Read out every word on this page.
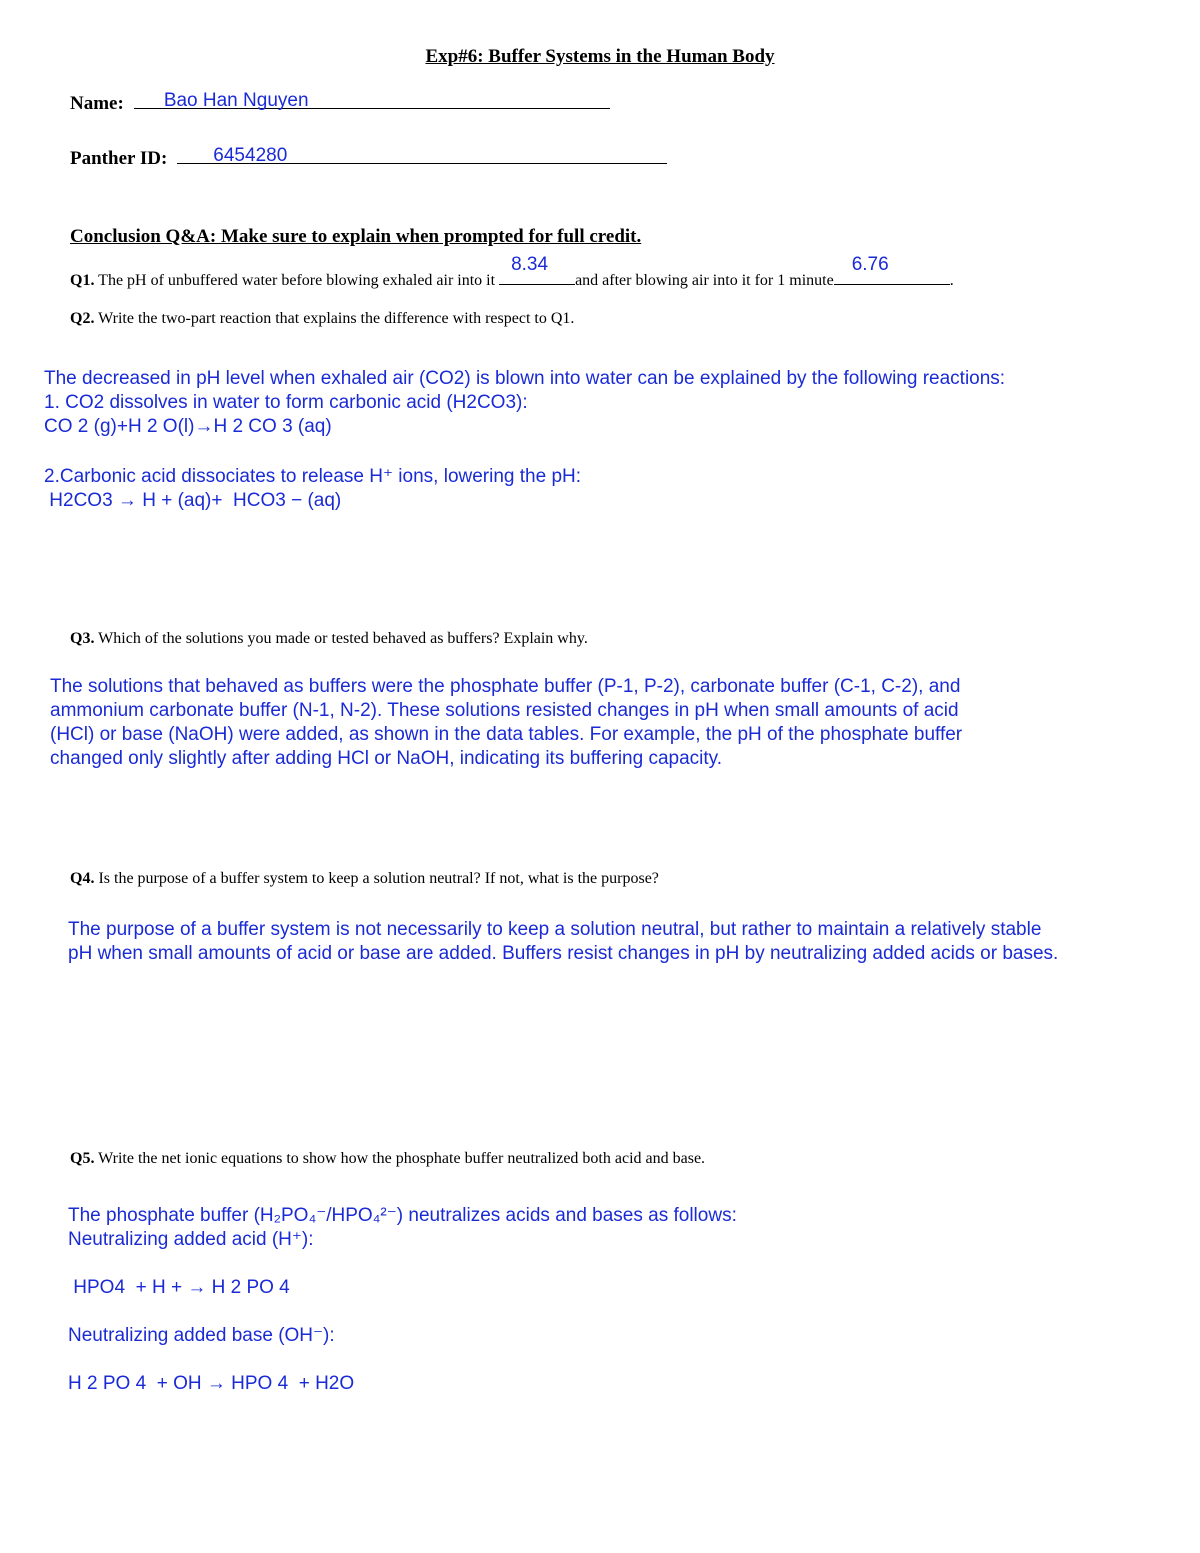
Exp#6: Buffer Systems in the Human Body
Name: Bao Han Nguyen
Panther ID: 6454280
Conclusion Q&A: Make sure to explain when prompted for full credit.
Q1. The pH of unbuffered water before blowing exhaled air into it
8.34
and after blowing air into it for 1 minute
6.76
.
Q2. Write the two-part reaction that explains the difference with respect to Q1.
The decreased in pH level when exhaled air (CO2) is blown into water can be explained by the following reactions:
1. CO2 dissolves in water to form carbonic acid (H2CO3):
CO 2 (g)+H 2 O(l)→H 2 CO 3 (aq)
2.Carbonic acid dissociates to release H⁺ ions, lowering the pH:
H2CO3 → H + (aq)+  HCO3 − (aq)
Q3. Which of the solutions you made or tested behaved as buffers? Explain why.
The solutions that behaved as buffers were the phosphate buffer (P-1, P-2), carbonate buffer (C-1, C-2), and
ammonium carbonate buffer (N-1, N-2). These solutions resisted changes in pH when small amounts of acid
(HCl) or base (NaOH) were added, as shown in the data tables. For example, the pH of the phosphate buffer
changed only slightly after adding HCl or NaOH, indicating its buffering capacity.
Q4. Is the purpose of a buffer system to keep a solution neutral? If not, what is the purpose?
The purpose of a buffer system is not necessarily to keep a solution neutral, but rather to maintain a relatively stable
pH when small amounts of acid or base are added. Buffers resist changes in pH by neutralizing added acids or bases.
Q5. Write the net ionic equations to show how the phosphate buffer neutralized both acid and base.
The phosphate buffer (H₂PO₄⁻/HPO₄²⁻) neutralizes acids and bases as follows:
Neutralizing added acid (H⁺):
HPO4  + H + → H 2 PO 4
Neutralizing added base (OH⁻):
H 2 PO 4  + OH → HPO 4  + H2O
